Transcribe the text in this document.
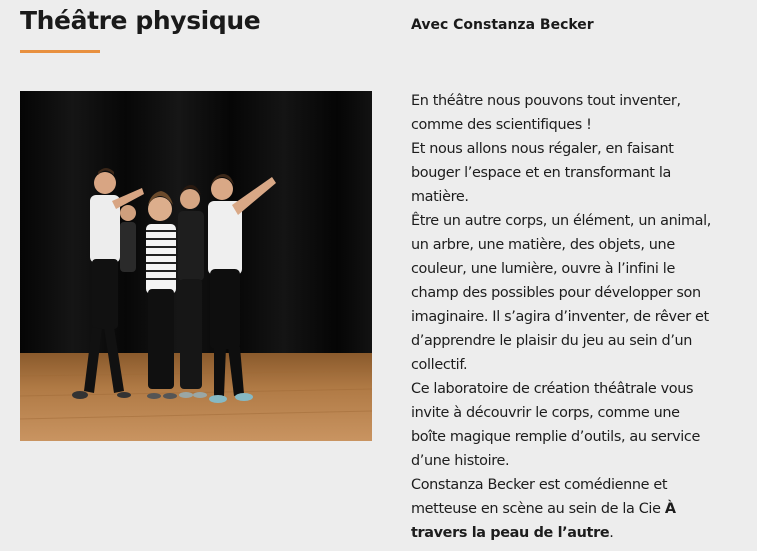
Théâtre physique	Avec Constanza Becker
En théâtre nous pouvons tout inventer,
comme des scientifiques !
Et nous allons nous régaler, en faisant
bouger l’espace et en transformant la
matière.
Être un autre corps, un élément, un animal,
un arbre, une matière, des objets, une
couleur, une lumière, ouvre à l’infini le
champ des possibles pour développer son
imaginaire. Il s’agira d’inventer, de rêver et
d’apprendre le plaisir du jeu au sein d’un
collectif.
Ce laboratoire de création théâtrale vous
invite à découvrir le corps, comme une
boîte magique remplie d’outils, au service
d’une histoire.
Constanza Becker est comédienne et
metteuse en scène au sein de la Cie À
travers la peau de l’autre.
